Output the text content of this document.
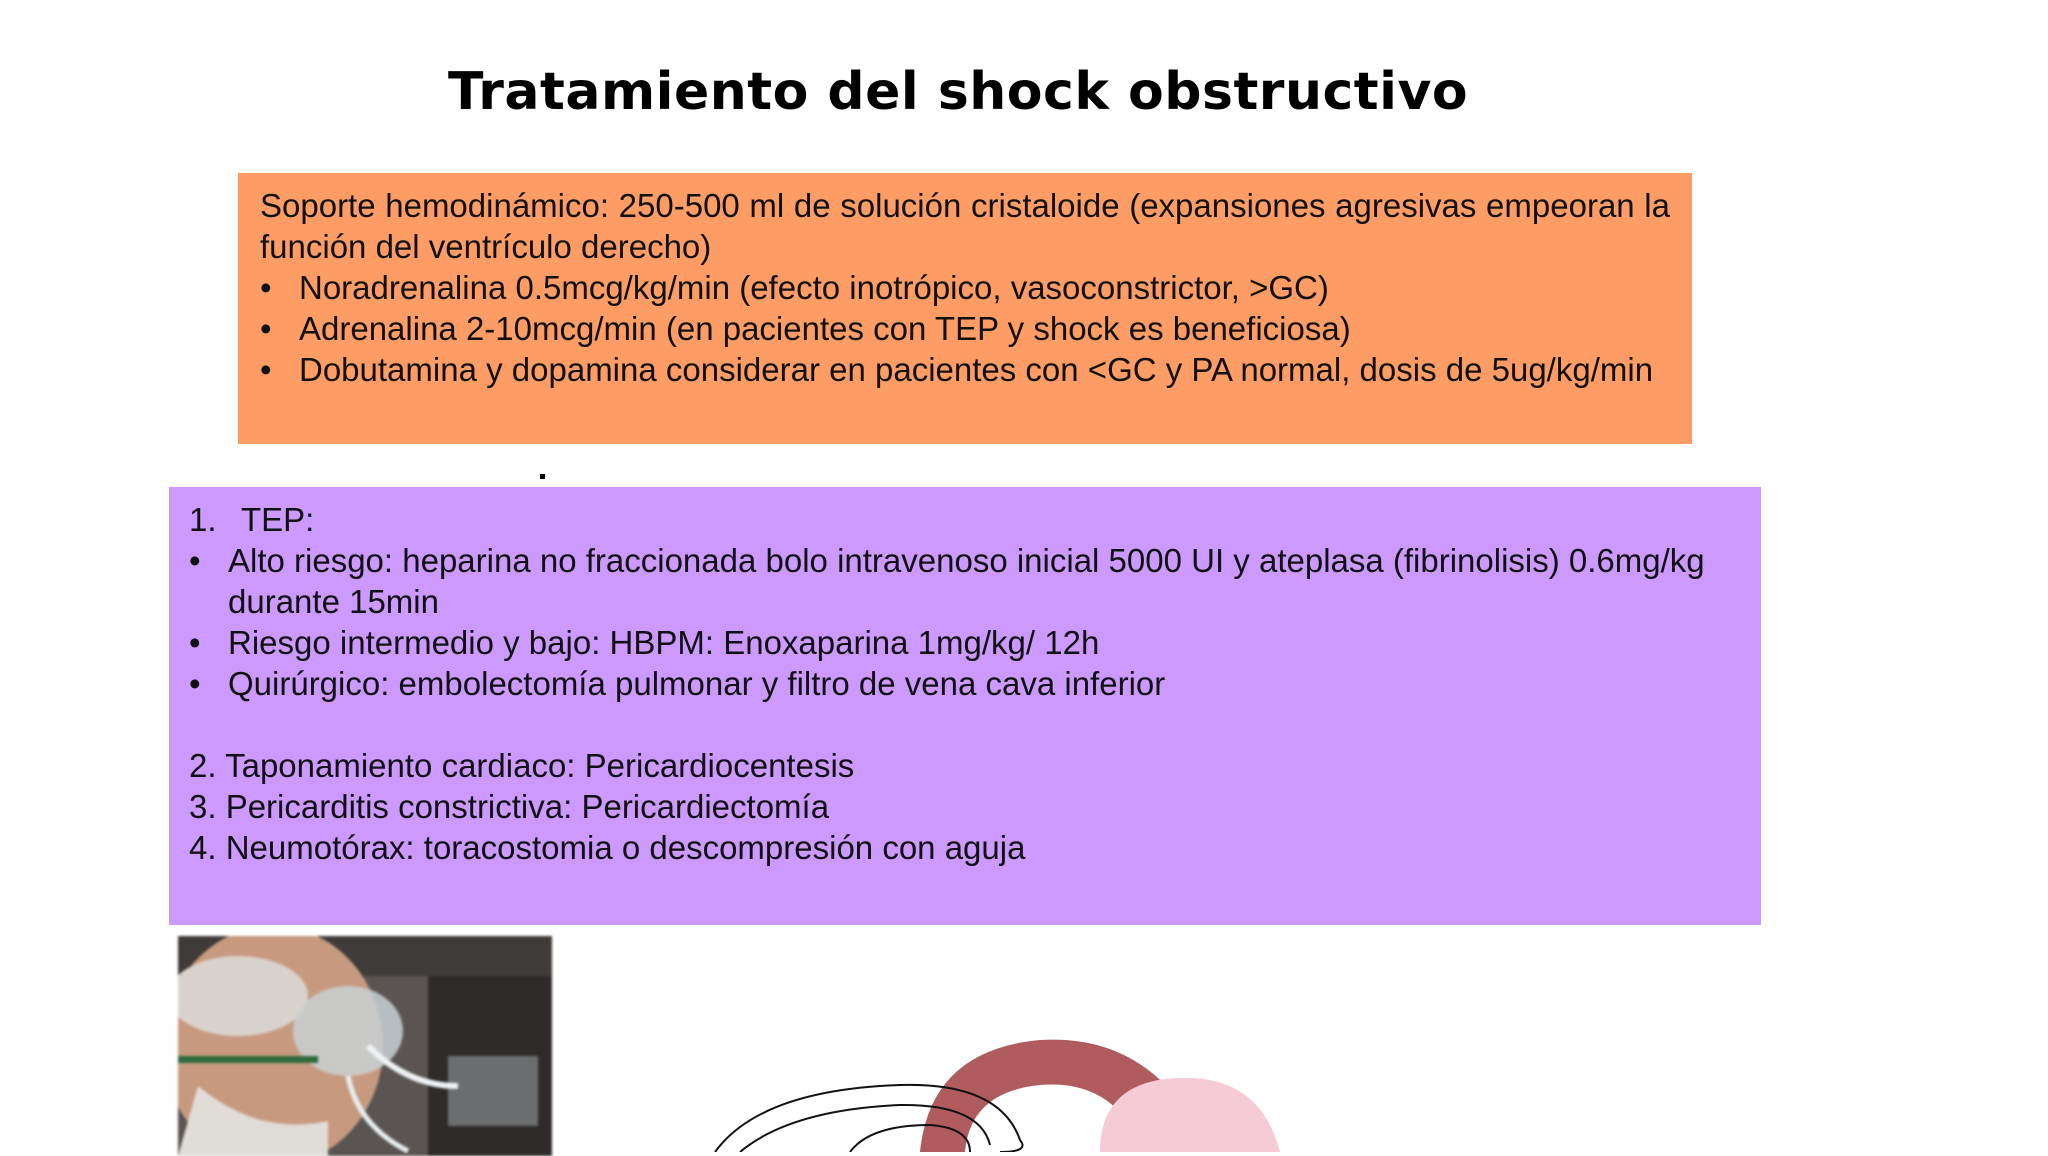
Tratamiento del shock obstructivo

Soporte hemodinámico: 250-500 ml de solución cristaloide (expansiones agresivas empeoran la función del ventrículo derecho)

• Noradrenalina 0.5mcg/kg/min (efecto inotrópico, vasoconstrictor, >GC)
• Adrenalina 2-10mcg/min (en pacientes con TEP y shock es beneficiosa)
• Dobutamina y dopamina considerar en pacientes con <GC y PA normal, dosis de 5ug/kg/min

1. TEP:

• Alto riesgo: heparina no fraccionada bolo intravenoso inicial 5000 UI y ateplasa (fibrinolisis) 0.6mg/kg durante 15min
• Riesgo intermedio y bajo: HBPM: Enoxaparina 1mg/kg/ 12h
• Quirúrgico: embolectomía pulmonar y filtro de vena cava inferior
2. Taponamiento cardiaco: Pericardiocentesis
3. Pericarditis constrictiva: Pericardiectomía
4. Neumotórax: toracostomia o descompresión con aguja
